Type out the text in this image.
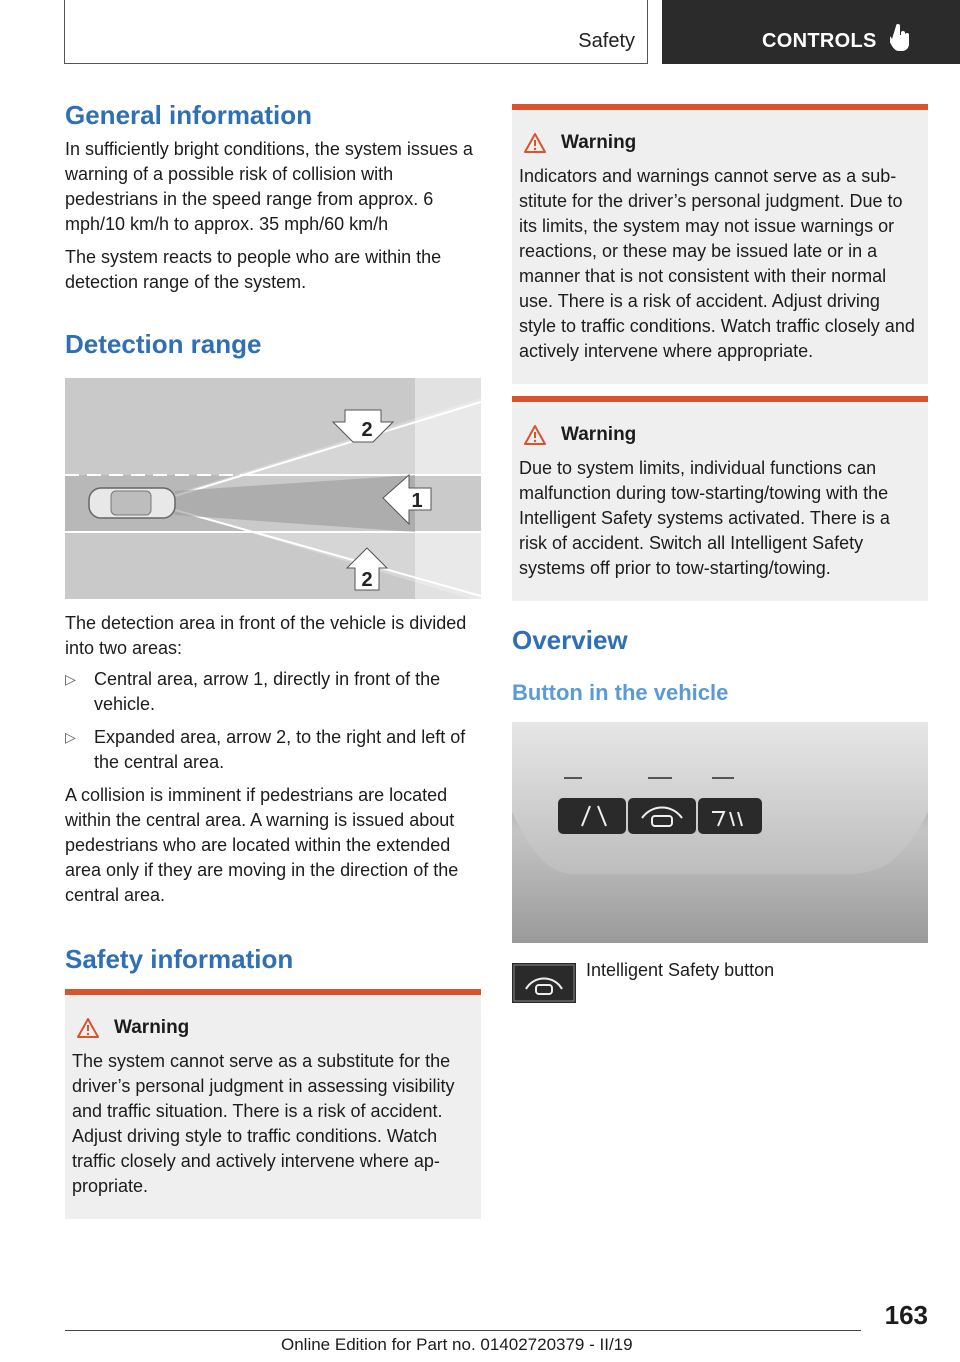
Safety	CONTROLS
General information

In sufficiently bright conditions, the system issues a warning of a possible risk of collision with pedestrians in the speed range from approx. 6 mph/10 km/h to approx. 35 mph/60 km/h

The system reacts to people who are within the detection range of the system.

Detection range
2
1
2

The detection area in front of the vehicle is divided into two areas:

▷ Central area, arrow 1, directly in front of the vehicle.
▷ Expanded area, arrow 2, to the right and left of the central area.

A collision is imminent if pedestrians are located within the central area. A warning is issued about pedestrians who are located within the extended area only if they are moving in the direction of the central area.

Safety information
Warning

The system cannot serve as a substitute for the driver’s personal judgment in assessing visibility and traffic situation. There is a risk of accident. Adjust driving style to traffic conditions. Watch traffic closely and actively intervene where appropriate.

Warning

Indicators and warnings cannot serve as a substitute for the driver’s personal judgment. Due to its limits, the system may not issue warnings or reactions, or these may be issued late or in a manner that is not consistent with their normal use. There is a risk of accident. Adjust driving style to traffic conditions. Watch traffic closely and actively intervene where appropriate.

Warning

Due to system limits, individual functions can malfunction during tow-starting/towing with the Intelligent Safety systems activated. There is a risk of accident. Switch all Intelligent Safety systems off prior to tow-starting/towing.

Overview
Button in the vehicle
Intelligent Safety button
163
Online Edition for Part no. 01402720379 - II/19
